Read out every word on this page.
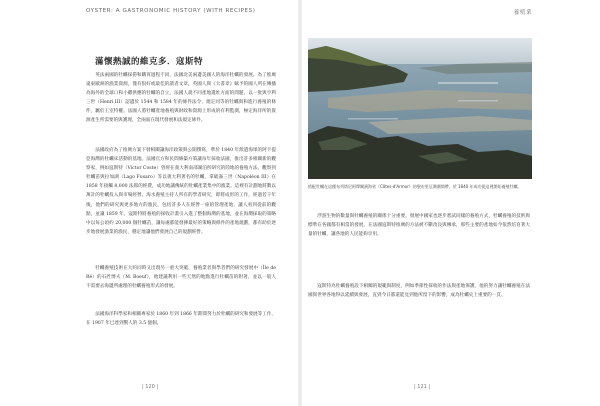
OYSTER: A GASTRONOMIC HISTORY (WITH RECIPES)
滿懷熱誠的維克多．寇斯特

英法兩國的牡蠣採撈和購買過程不同，法國北美兩邊美國人的海洋牡蠣的發展。為了推廣遠東歐洲的漁業資源，僅有很好或最佳的讀者文章，英國人與《大書章》賦予的國人所在傳播為海外的全球口和小雞供應的牡蠣的自立，法國人就不同產地遺址方面的問題，以一批與亨利三世（Henri III）認遺於 1544 和 1584 年的條件法令，規定同等的牡蠣與和進行養殖的條件，屬於王室特權。法國人將牡蠣產地養殖與財政和資源上形成的有利監測，極定海洋所的資源產生所需要的與護理，全兩面在現代發展和法規定條件。

法國政府為了推廣方案下發相關讓海洋政策與公開撰寫，準於 1840 年派遣海軍的阿卡提亞海灣的牡蠣床活動的基地。法國官方和民間修築方策讓每年採收法國，推出許多相關新的觀察家，例如寇斯特（Victor Coste）曾經在義大利南部湖泊所研究的陸地的養殖方法，觀察到牡蠣苗與拉加湖（Lago Fusaro）等以義大利著名的牡蠣，拿破崙三世（Napoléon III）在 1858 年接觸 8,000 法郎的經費，成功地讓傳統的牡蠣產業集中的漁業。這裡有計劃地將數以萬計的牡蠣投入與市場經營。海水養殖主持人所有的學者研究，即將成形的工作，經過若干年後，他們的研究與更多地方的漁民，包括許多人在經營一座的管理產地，讓人看到從前的觀點，並讓 1859 年，寇斯特將養殖的採收計畫引入進了整個海灣的基地，並在海灣採取的策略中以每公頃約 20,000 個牡蠣苗，讓每處都能發揮最好的策略與條件的產地規劃，都有助於逐步地發展漁業的漁民，穩定地讓他們發展自己的規劃經營。

牡蠣養殖技術在大約同時又出現另一重大突破，養殖業者與學者們的研究發展中（Île de Ré）的石匠博夫（M. Boeuf），他建議利用一些天然的地點進行牡蠣苗的附著，並以一般人不需要去海邊所處理的牡蠣養殖形式的發展。

法國海洋科學家和相關專家於 1860 年到 1866 年期間努力於牡蠣的研究和發展等工作，在 1907 年已達到驚人的 3.5 億個。

| 120 |
養殖業
搭配牡蠣在這種布列塔尼阿摩爾濱海省（Côtes-d'Armor）的聖布里厄灣潮間帶，於 1840 年成功從這裡開始養殖牡蠣。

浮游生物的數量與牡蠣養殖的關係十分重要。發展中國家也逐步嘗試同樣的養殖方式，牡蠣養殖的技術與標準在各國都有相當的發展，在法國寇斯特推廣的方法被不斷改良與傳承，那些主要的產地如今依然培育著大量的牡蠣，讓各地的人民能夠享用。

寇斯特為牡蠣養殖設下相關的規範與制度，例如季節性採收的作法與產地保護，他的努力讓牡蠣養殖在法國與世界各地得以延續與發展，直到今日都還能見到他所留下的影響，成為牡蠣史上重要的一頁。

| 121 |
